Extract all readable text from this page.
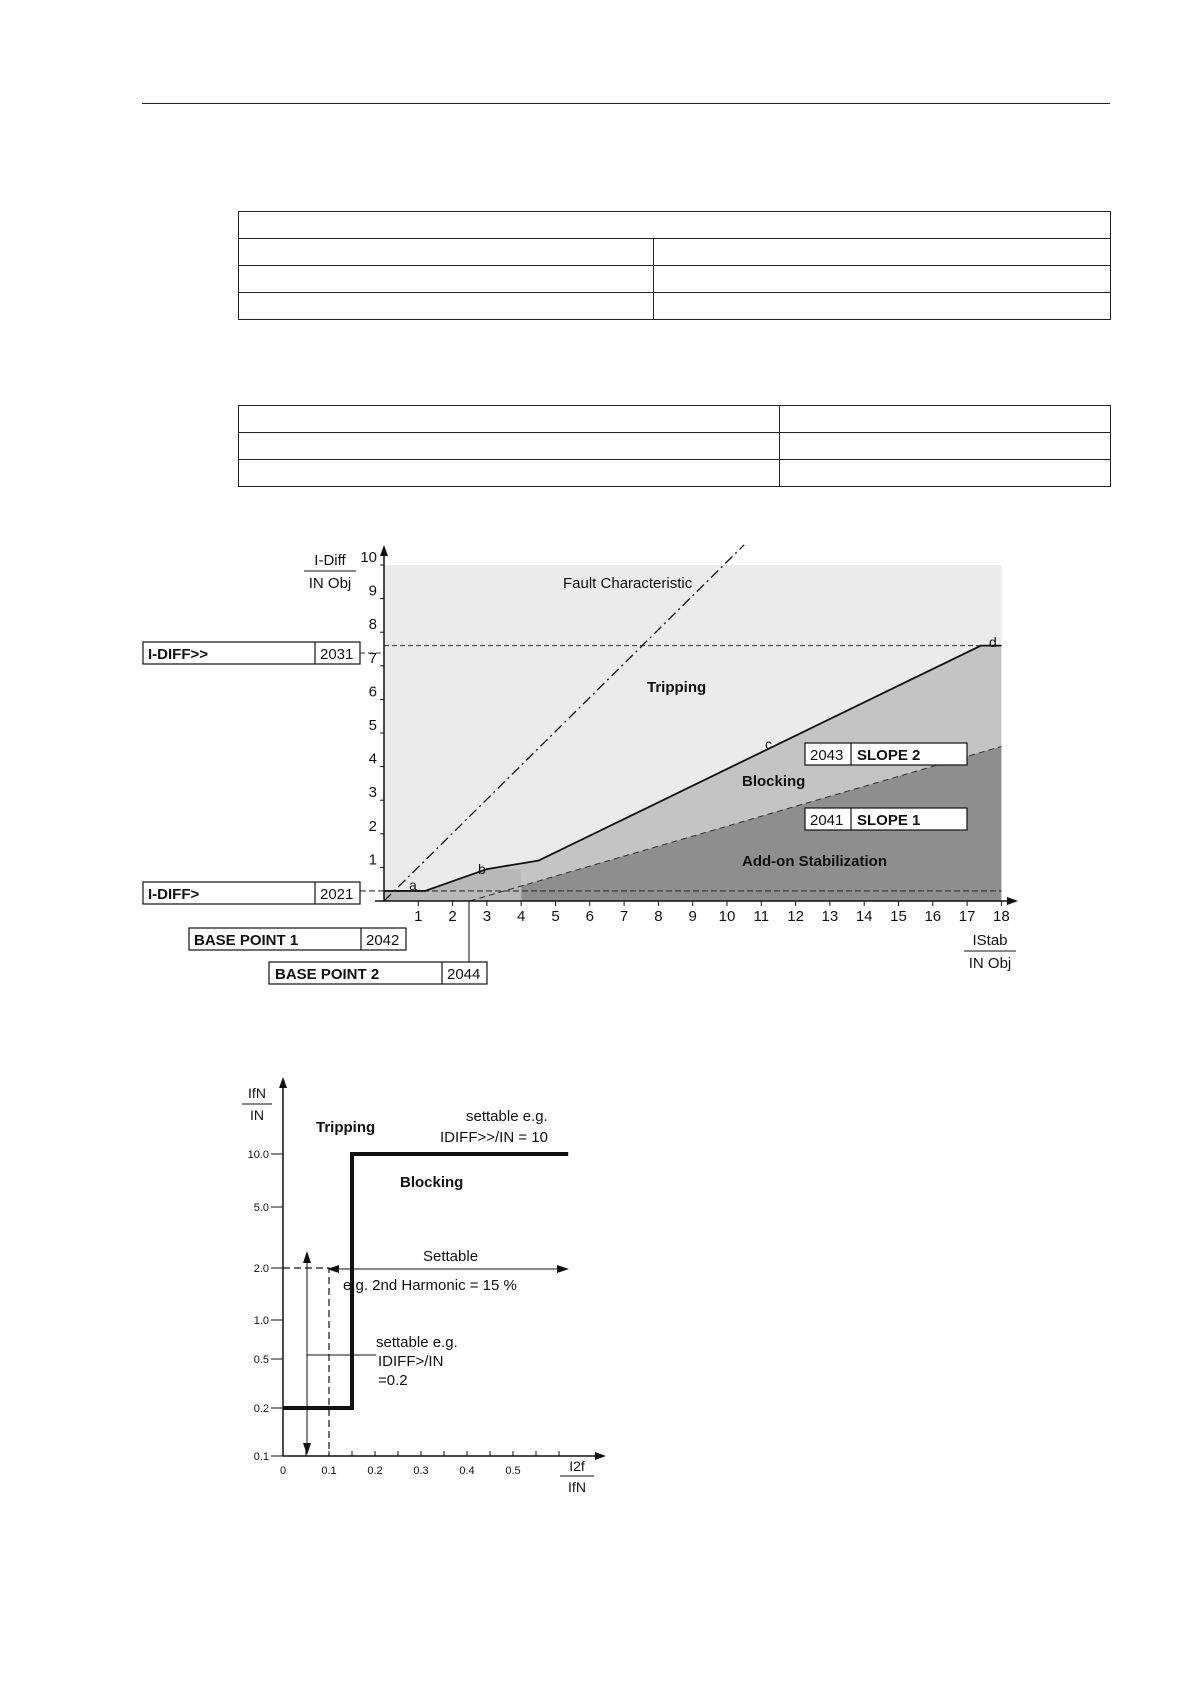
1 2 3 4 5 6 7 8 9 10 11 12 13 14 15 16 17 18
1
2
3
4
5
6
7
8
9
10
I-Diff
IN Obj
IStab
IN Obj
Fault Characteristic
Tripping
Blocking
Add-on Stabilization
a
b
c
d
I-DIFF>>	2031
I-DIFF>	2021
BASE POINT 1	2042
BASE POINT 2	2044
2043 SLOPE 2
2041 SLOPE 1
0	0.1	0.2	0.3	0.4	0.5
0.1
0.2
0.5
1.0
2.0
5.0
10.0
IfN
IN
I2f
IfN
Tripping
Blocking
settable e.g.
IDIFF>>/IN = 10
Settable
e.g. 2nd Harmonic = 15 %
settable e.g.
IDIFF>/IN
=0.2
